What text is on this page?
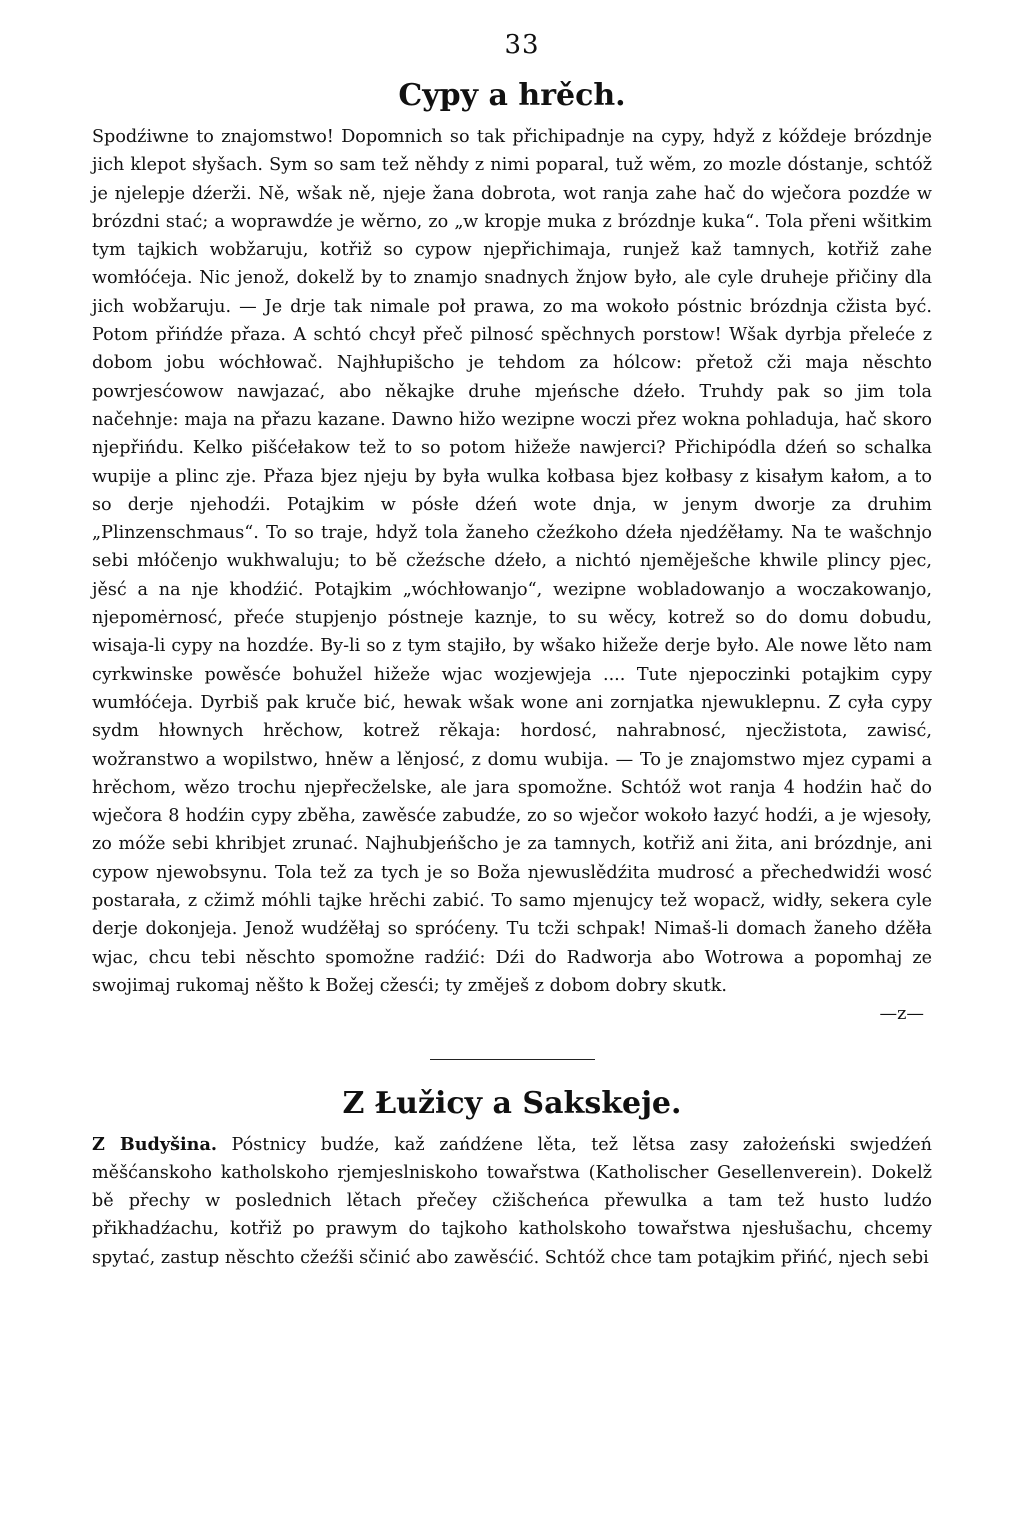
33
Cypy a hrěch.

Spodźiwne to znajomstwo! Dopomnich so tak přichipadnje na cypy, hdyž z kóždeje brózdnje jich klepot słyšach. Sym so sam tež něhdy z nimi poparal, tuž wěm, zo mozle dóstanje, schtóž je njelepje dźerži. Ně, wšak ně, njeje žana dobrota, wot ranja zahe hač do wječora pozdźe w brózdni stać; a woprawdźe je wěrno, zo „w kropje muka z brózdnje kuka“. Tola přeni wšitkim tym tajkich wobžaruju, kotřiž so cypow njepřichimaja, runjež kaž tamnych, kotřiž zahe womłóćeja. Nic jenož, dokelž by to znamjo snadnych žnjow było, ale cyle druheje přičiny dla jich wobžaruju. — Je drje tak nimale poł prawa, zo ma wokoło póstnic brózdnja cžista być. Potom přińdźe přaza. A schtó chcył přeč pilnosć spěchnych porstow! Wšak dyrbja přeleće z dobom jobu wóchłowač. Najhłupišcho je tehdom za hólcow: přetož cži maja něschto powrjesćowow nawjazać, abo někajke druhe mjeńsche dźeło. Truhdy pak so jim tola načehnje: maja na přazu kazane. Dawno hižo wezipne woczi přez wokna pohladuja, hač skoro njepřińdu. Kelko pišćełakow tež to so potom hižeže nawjerci? Přichipódla dźeń so schalka wupije a plinc zje. Přaza bjez njeju by była wulka kołbasa bjez kołbasy z kisałym kałom, a to so derje njehodźi. Potajkim w pósłe dźeń wote dnja, w jenym dworje za druhim „Plinzenschmaus“. To so traje, hdyž tola žaneho cžeźkoho dźeła njedźěłamy. Na te wašchnjo sebi młóčenjo wukhwaluju; to bě cžeźsche dźeło, a nichtó njeměješche khwile plincy pjec, jěsć a na nje khodźić. Potajkim „wóchłowanjo“, wezipne wobladowanjo a woczakowanjo, njepomėrnosć, přeće stupjenjo póstneje kaznje, to su wěcy, kotrež so do domu dobudu, wisaja-li cypy na hozdźe. By-li so z tym stajiło, by wšako hižeže derje było. Ale nowe lěto nam cyrkwinske powěsće bohužel hižeže wjac wozjewjeja .... Tute njepoczinki potajkim cypy wumłóćeja. Dyrbiš pak kruče bić, hewak wšak wone ani zornjatka njewuklepnu. Z cyła cypy sydm hłownych hrěchow, kotrež rěkaja: hordosć, nahrabnosć, njecžistota, zawisć, wožranstwo a wopilstwo, hněw a lěnjosć, z domu wubija. — To je znajomstwo mjez cypami a hrěchom, wězo trochu njepřecželske, ale jara spomožne. Schtóž wot ranja 4 hodźin hač do wječora 8 hodźin cypy zběha, zawěsće zabudźe, zo so wječor wokoło łazyć hodźi, a je wjesoły, zo móže sebi khribjet zrunać. Najhubjeńšcho je za tamnych, kotřiž ani žita, ani brózdnje, ani cypow njewobsynu. Tola tež za tych je so Boža njewuslědźita mudrosć a přechedwidźi wosć postarała, z cžimž móhli tajke hrěchi zabić. To samo mjenujcy tež wopacž, widły, sekera cyle derje dokonjeja. Jenož wudźěłaj so spróćeny. Tu tcži schpak! Nimaš-li domach žaneho dźěła wjac, chcu tebi něschto spomožne radźić: Dźi do Radworja abo Wotrowa a popomhaj ze swojimaj rukomaj něšto k Božej cžesći; ty změješ z dobom dobry skutk.

—z—
Z Łužicy a Sakskeje.

Z Budyšina. Póstnicy budźe, kaž zańdźene lěta, tež lětsa zasy założeński swjedźeń měšćanskoho katholskoho rjemjeslniskoho towařstwa (Katholischer Gesellenverein). Dokelž bě přechy w poslednich lětach přečey cžišcheńca přewulka a tam tež husto ludźo přikhadźachu, kotřiž po prawym do tajkoho katholskoho towařstwa njesłušachu, chcemy spytać, zastup něschto cžeźši sčinić abo zawěsćić. Schtóž chce tam potajkim přińć, njech sebi
